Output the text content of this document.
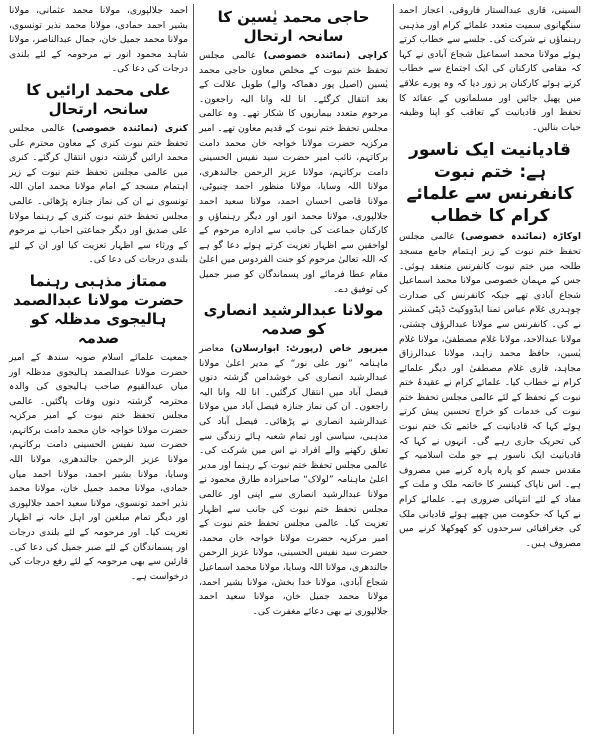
السینی، قاری عبدالستار فاروقی، اعجاز احمد سنگھانوی سمیت متعدد علمائے کرام اور مذہبی رہنماؤں نے شرکت کی۔ جلسے سے خطاب کرتے ہوئے مولانا محمد اسماعیل شجاع آبادی نے کہا کہ مقامی کارکنان کی ایک اجتماع سے خطاب کرتے ہوئے کارکنان پر زور دیا کہ وہ پورے علاقے میں پھیل جائیں اور مسلمانوں کے عقائد کا تحفظ اور قادیانیت کے تعاقب کو اپنا وظیفہ حیات بنالیں۔

قادیانیت ایک ناسور ہے: ختم نبوت کانفرنس سے علمائے کرام کا خطاب

اوکاڑہ (نمائندہ خصوصی) عالمی مجلس تحفظ ختم نبوت کے زیر اہتمام جامع مسجد طلحہ میں ختم نبوت کانفرنس منعقد ہوئی۔ جس کے مہمان خصوصی مولانا محمد اسماعیل شجاع آبادی تھے جبکہ کانفرنس کی صدارت چوہدری غلام عباس تمنا ایڈووکیٹ ڈپٹی کمشنر نے کی۔ کانفرنس سے مولانا عبدالرؤف چشتی، مولانا عبدالاحد، مولانا غلام مصطفیٰ، مولانا غلام یٰسین، حافظ محمد زاہد، مولانا عبدالرزاق مجاہد، قاری غلام مصطفیٰ اور دیگر علمائے کرام نے خطاب کیا۔ علمائے کرام نے عقیدۂ ختم نبوت کے تحفظ کے لئے عالمی مجلس تحفظ ختم نبوت کی خدمات کو خراج تحسین پیش کرتے ہوئے کہا کہ قادیانیت کے خاتمے تک ختم نبوت کی تحریک جاری رہے گی۔ انہوں نے کہا کہ قادیانیت ایک ناسور ہے جو ملت اسلامیہ کے مقدس جسم کو پارہ پارہ کرنے میں مصروف ہے۔ اس ناپاک کینسر کا خاتمہ ملک و ملت کے مفاد کے لئے انتہائی ضروری ہے۔ علمائے کرام نے کہا کہ حکومت میں چھپے ہوئے قادیانی ملک کی جغرافیائی سرحدوں کو کھوکھلا کرنے میں مصروف ہیں۔

حاجی محمد یٰسین کا سانحہ ارتحال

کراچی (نمائندہ خصوصی) عالمی مجلس تحفظ ختم نبوت کے مخلص معاون حاجی محمد یٰسین (اصیل پور دھماکہ والے) طویل علالت کے بعد انتقال کرگئے۔ انا للہ وانا الیہ راجعون۔ مرحوم متعدد بیماریوں کا شکار تھے۔ وہ عالمی مجلس تحفظ ختم نبوت کے قدیم معاون تھے۔ امیر مرکزیہ حضرت مولانا خواجہ خان محمد دامت برکاتہم، نائب امیر حضرت سید نفیس الحسینی دامت برکاتہم، مولانا عزیز الرحمن جالندھری، مولانا اللہ وسایا، مولانا منظور احمد چنیوٹی، مولانا قاضی احسان احمد، مولانا سعید احمد جلالپوری، مولانا محمد انور اور دیگر رہنماؤں و کارکنان جماعت کی جانب سے ادارہ مرحوم کے لواحقین سے اظہار تعزیت کرتے ہوئے دعا گو ہے کہ اللہ تعالیٰ مرحوم کو جنت الفردوس میں اعلیٰ مقام عطا فرمائے اور پسماندگان کو صبر جمیل کی توفیق دے۔

مولانا عبدالرشید انصاری کو صدمہ

میرپور خاص (رپورٹ: ابوارسلان) معاصر ماہنامہ ”نور علی نور“ کے مدیر اعلیٰ مولانا عبدالرشید انصاری کی خوشدامن گزشتہ دنوں فیصل آباد میں انتقال کرگئیں۔ انا للہ وانا الیہ راجعون۔ ان کی نماز جنازہ فیصل آباد میں مولانا عبدالرشید انصاری نے پڑھائی۔ فیصل آباد کی مذہبی، سیاسی اور تمام شعبہ ہائے زندگی سے تعلق رکھنے والے افراد نے اس میں شرکت کی۔ عالمی مجلس تحفظ ختم نبوت کے رہنما اور مدیر اعلیٰ ماہنامہ ”لولاک“ صاحبزادہ طارق محمود نے مولانا عبدالرشید انصاری سے اپنی اور عالمی مجلس تحفظ ختم نبوت کی جانب سے اظہار تعزیت کیا۔ عالمی مجلس تحفظ ختم نبوت کے امیر مرکزیہ حضرت مولانا خواجہ خان محمد، حضرت سید نفیس الحسینی، مولانا عزیز الرحمن جالندھری، مولانا اللہ وسایا، مولانا محمد اسماعیل شجاع آبادی، مولانا خدا بخش، مولانا بشیر احمد، مولانا محمد جمیل خان، مولانا سعید احمد جلالپوری نے بھی دعائے مغفرت کی۔

احمد جلالپوری، مولانا محمد عثمانی، مولانا بشیر احمد حمادی، مولانا محمد نذیر تونسوی، مولانا محمد جمیل خان، جمال عبدالناصر، مولانا شاہد محمود انور نے مرحومہ کے لئے بلندی درجات کی دعا کی۔

علی محمد ارائیں کا سانحہ ارتحال

کنری (نمائندہ خصوصی) عالمی مجلس تحفظ ختم نبوت کنری کے معاون محترم علی محمد ارائیں گزشتہ دنوں انتقال کرگئے۔ کنری میں عالمی مجلس تحفظ ختم نبوت کے زیر اہتمام مسجد کے امام مولانا محمد امان اللہ تونسوی نے ان کی نماز جنازہ پڑھائی۔ عالمی مجلس تحفظ ختم نبوت کنری کے رہنما مولانا علی صدیق اور دیگر جماعتی احباب نے مرحوم کے ورثاء سے اظہار تعزیت کیا اور ان کے لئے بلندی درجات کی دعا کی۔

ممتاز مذہبی رہنما حضرت مولانا عبدالصمد ہالیجوی مدظلہ کو صدمہ

جمعیت علمائے اسلام صوبہ سندھ کے امیر حضرت مولانا عبدالصمد ہالیجوی مدظلہ اور میاں عبدالقیوم صاحب ہالیجوی کی والدہ محترمہ گزشتہ دنوں وفات پاگئیں۔ عالمی مجلس تحفظ ختم نبوت کے امیر مرکزیہ حضرت مولانا خواجہ خان محمد دامت برکاتہم، حضرت سید نفیس الحسینی دامت برکاتہم، مولانا عزیز الرحمن جالندھری، مولانا اللہ وسایا، مولانا بشیر احمد، مولانا احمد میاں حمادی، مولانا محمد جمیل خان، مولانا محمد نذیر احمد تونسوی، مولانا سعید احمد جلالپوری اور دیگر تمام مبلغین اور اہل خانہ نے اظہار تعزیت کیا۔ اور مرحومہ کے لئے بلندی درجات اور پسماندگان کے لئے صبر جمیل کی دعا کی۔ قارئین سے بھی مرحومہ کے لئے رفع درجات کی درخواست ہے۔
